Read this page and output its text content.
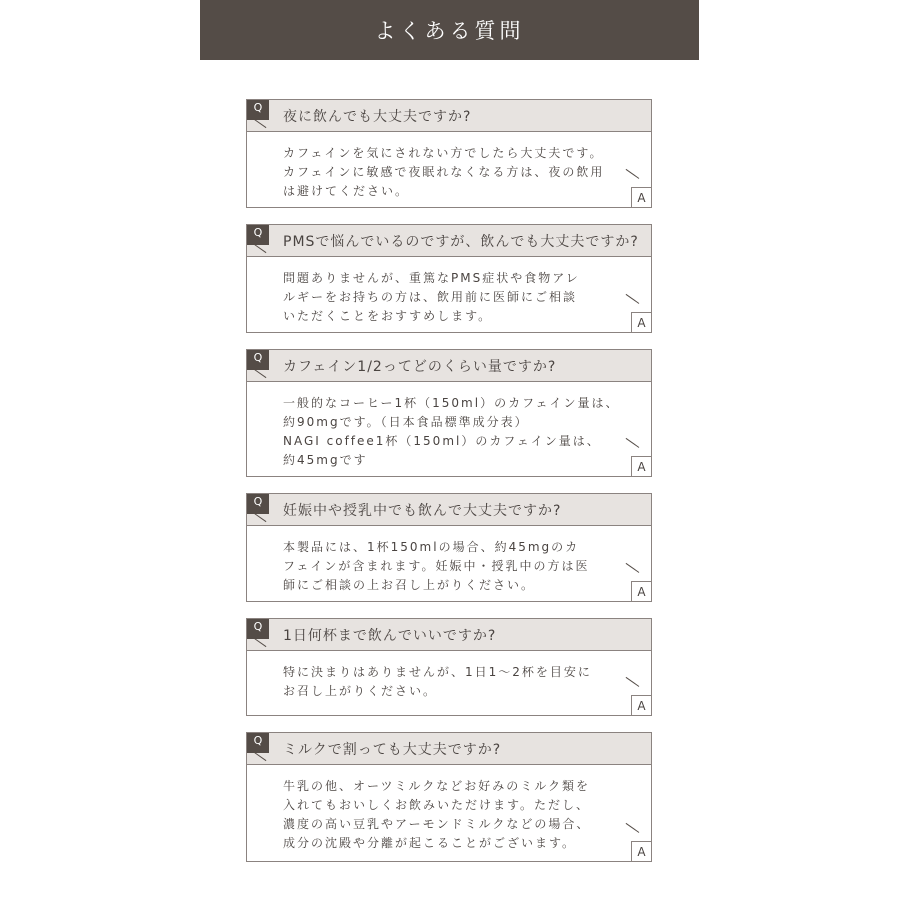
よくある質問
Q
夜に飲んでも大丈夫ですか?
カフェインを気にされない方でしたら大丈夫です。
カフェインに敏感で夜眠れなくなる方は、夜の飲用
は避けてください。	A
Q
PMSで悩んでいるのですが、飲んでも大丈夫ですか?
問題ありませんが、重篤なPMS症状や食物アレ
ルギーをお持ちの方は、飲用前に医師にご相談
いただくことをおすすめします。	A
Q
カフェイン1/2ってどのくらい量ですか?
一般的なコーヒー1杯（150ml）のカフェイン量は、
約90mgです。（日本食品標準成分表）
NAGI coffee1杯（150ml）のカフェイン量は、
約45mgです	A
Q
妊娠中や授乳中でも飲んで大丈夫ですか?
本製品には、1杯150mlの場合、約45mgのカ
フェインが含まれます。妊娠中・授乳中の方は医
師にご相談の上お召し上がりください。	A
Q
1日何杯まで飲んでいいですか?
特に決まりはありませんが、1日1～2杯を目安に
お召し上がりください。
A
Q
ミルクで割っても大丈夫ですか?
牛乳の他、オーツミルクなどお好みのミルク類を
入れてもおいしくお飲みいただけます。ただし、
濃度の高い豆乳やアーモンドミルクなどの場合、
成分の沈殿や分離が起こることがございます。
A
